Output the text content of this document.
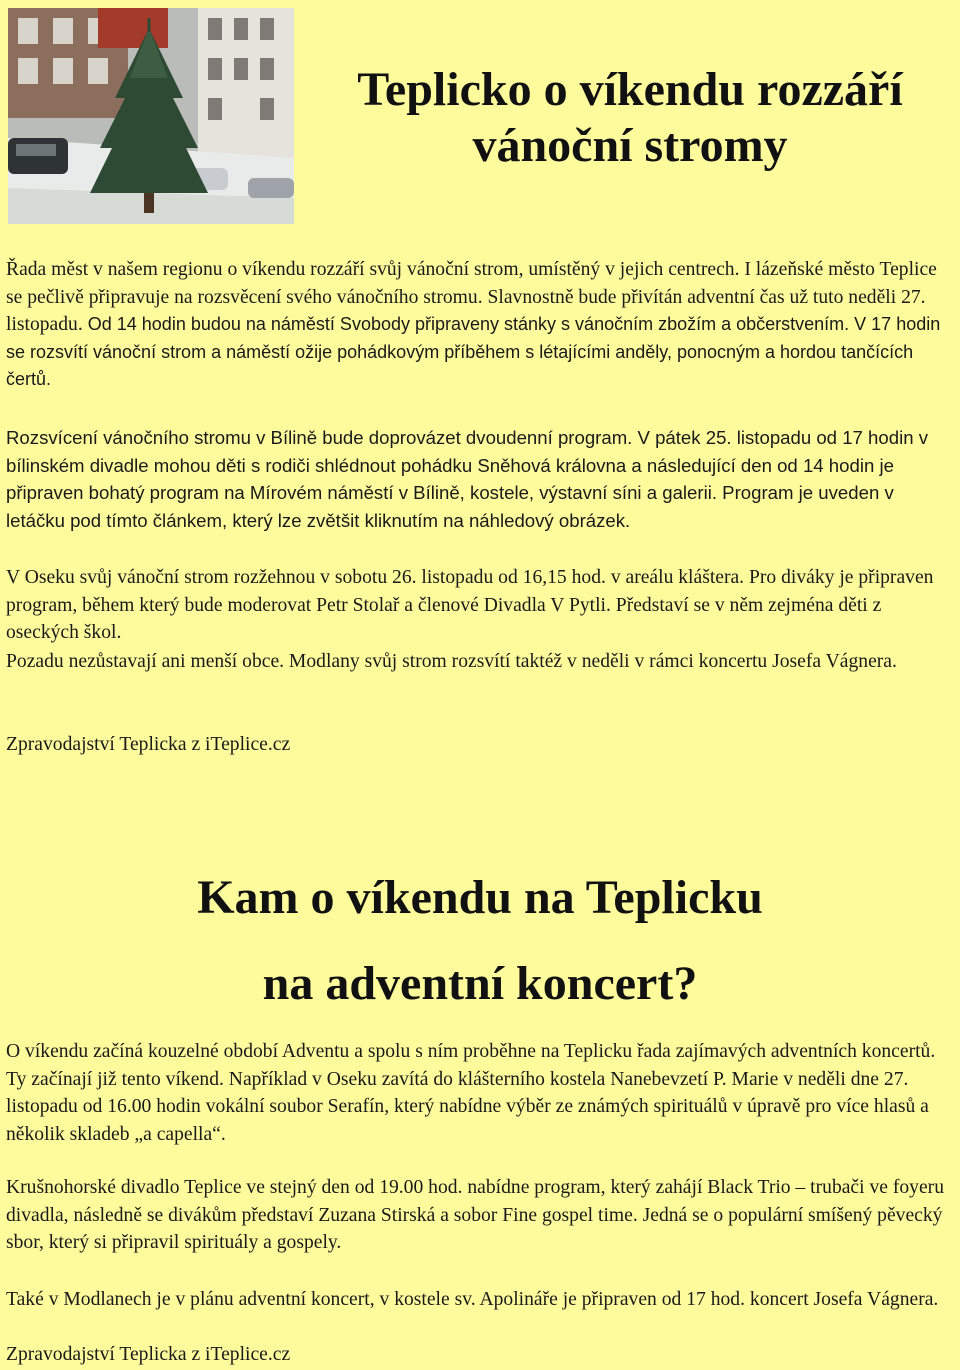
Teplicko o víkendu rozzáří
vánoční stromy

Řada měst v našem regionu o víkendu rozzáří svůj vánoční strom, umístěný v jejich centrech. I lázeňské město Teplice se pečlivě připravuje na rozsvěcení svého vánočního stromu. Slavnostně bude přivítán adventní čas už tuto neděli 27. listopadu. Od 14 hodin budou na náměstí Svobody připraveny stánky s vánočním zbožím a občerstvením. V 17 hodin se rozsvítí vánoční strom a náměstí ožije pohádkovým příběhem s létajícími anděly, ponocným a hordou tančících čertů.

Rozsvícení vánočního stromu v Bílině bude doprovázet dvoudenní program. V pátek 25. listopadu od 17 hodin v bílinském divadle mohou děti s rodiči shlédnout pohádku Sněhová královna a následující den od 14 hodin je připraven bohatý program na Mírovém náměstí v Bílině, kostele, výstavní síni a galerii. Program je uveden v letáčku pod tímto článkem, který lze zvětšit kliknutím na náhledový obrázek.
V Oseku svůj vánoční strom rozžehnou v sobotu 26. listopadu od 16,15 hod. v areálu kláštera. Pro diváky je připraven program, během který bude moderovat Petr Stolař a členové Divadla V Pytli. Představí se v něm zejména děti z oseckých škol.
Pozadu nezůstavají ani menší obce. Modlany svůj strom rozsvítí taktéž v neděli v rámci koncertu Josefa Vágnera.
Zpravodajství Teplicka z iTeplice.cz
Kam o víkendu na Teplicku
na adventní koncert?
O víkendu začíná kouzelné období Adventu a spolu s ním proběhne na Teplicku řada zajímavých adventních koncertů. Ty začínají již tento víkend. Například v Oseku zavítá do klášterního kostela Nanebevzetí P. Marie v neděli dne 27. listopadu od 16.00 hodin vokální soubor Serafín, který nabídne výběr ze známých spirituálů v úpravě pro více hlasů a několik skladeb „a capella“.
Krušnohorské divadlo Teplice ve stejný den od 19.00 hod. nabídne program, který zahájí Black Trio – trubači ve foyeru divadla, následně se divákům představí Zuzana Stirská a sobor Fine gospel time. Jedná se o populární smíšený pěvecký sbor, který si připravil spirituály a gospely.
Také v Modlanech je v plánu adventní koncert, v kostele sv. Apolináře je připraven od 17 hod. koncert Josefa Vágnera.
Zpravodajství Teplicka z iTeplice.cz
